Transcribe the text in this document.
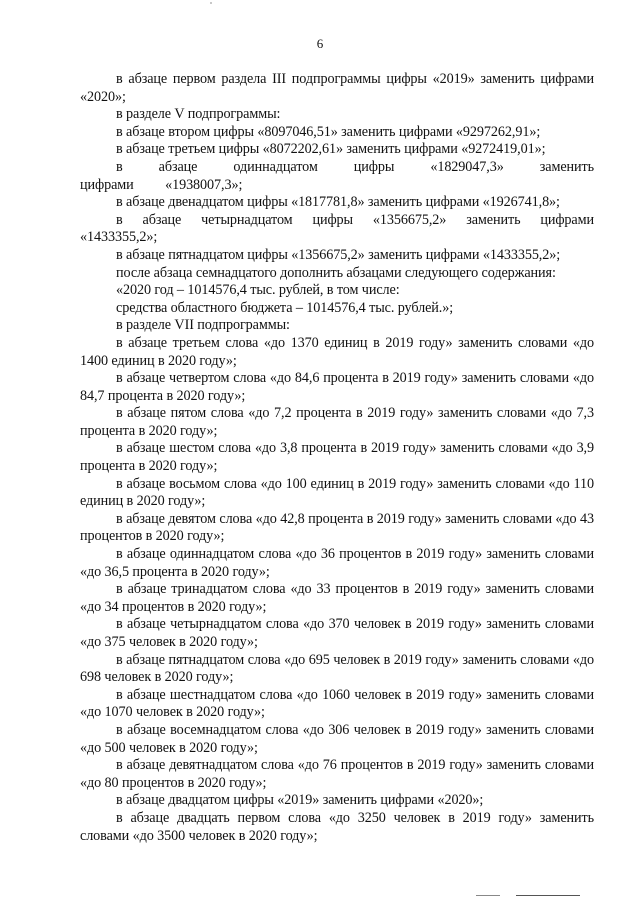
6

в абзаце первом раздела III подпрограммы цифры «2019» заменить цифрами «2020»;

в разделе V подпрограммы:

в абзаце втором цифры «8097046,51» заменить цифрами «9297262,91»;

в абзаце третьем цифры «8072202,61» заменить цифрами «9272419,01»;

в абзаце одиннадцатом цифры «1829047,3» заменить цифрами «1938007,3»;

в абзаце двенадцатом цифры «1817781,8» заменить цифрами «1926741,8»;

в абзаце четырнадцатом цифры «1356675,2» заменить цифрами «1433355,2»;

в абзаце пятнадцатом цифры «1356675,2» заменить цифрами «1433355,2»;

после абзаца семнадцатого дополнить абзацами следующего содержания:

«2020 год – 1014576,4 тыс. рублей, в том числе:

средства областного бюджета – 1014576,4 тыс. рублей.»;

в разделе VII подпрограммы:

в абзаце третьем слова «до 1370 единиц в 2019 году» заменить словами «до 1400 единиц в 2020 году»;

в абзаце четвертом слова «до 84,6 процента в 2019 году» заменить словами «до 84,7 процента в 2020 году»;

в абзаце пятом слова «до 7,2 процента в 2019 году» заменить словами «до 7,3 процента в 2020 году»;

в абзаце шестом слова «до 3,8 процента в 2019 году» заменить словами «до 3,9 процента в 2020 году»;

в абзаце восьмом слова «до 100 единиц в 2019 году» заменить словами «до 110 единиц в 2020 году»;

в абзаце девятом слова «до 42,8 процента в 2019 году» заменить словами «до 43 процентов в 2020 году»;

в абзаце одиннадцатом слова «до 36 процентов в 2019 году» заменить словами «до 36,5 процента в 2020 году»;

в абзаце тринадцатом слова «до 33 процентов в 2019 году» заменить словами «до 34 процентов в 2020 году»;

в абзаце четырнадцатом слова «до 370 человек в 2019 году» заменить словами «до 375 человек в 2020 году»;

в абзаце пятнадцатом слова «до 695 человек в 2019 году» заменить словами «до 698 человек в 2020 году»;

в абзаце шестнадцатом слова «до 1060 человек в 2019 году» заменить словами «до 1070 человек в 2020 году»;

в абзаце восемнадцатом слова «до 306 человек в 2019 году» заменить словами «до 500 человек в 2020 году»;

в абзаце девятнадцатом слова «до 76 процентов в 2019 году» заменить словами «до 80 процентов в 2020 году»;

в абзаце двадцатом цифры «2019» заменить цифрами «2020»;

в абзаце двадцать первом слова «до 3250 человек в 2019 году» заменить словами «до 3500 человек в 2020 году»;
